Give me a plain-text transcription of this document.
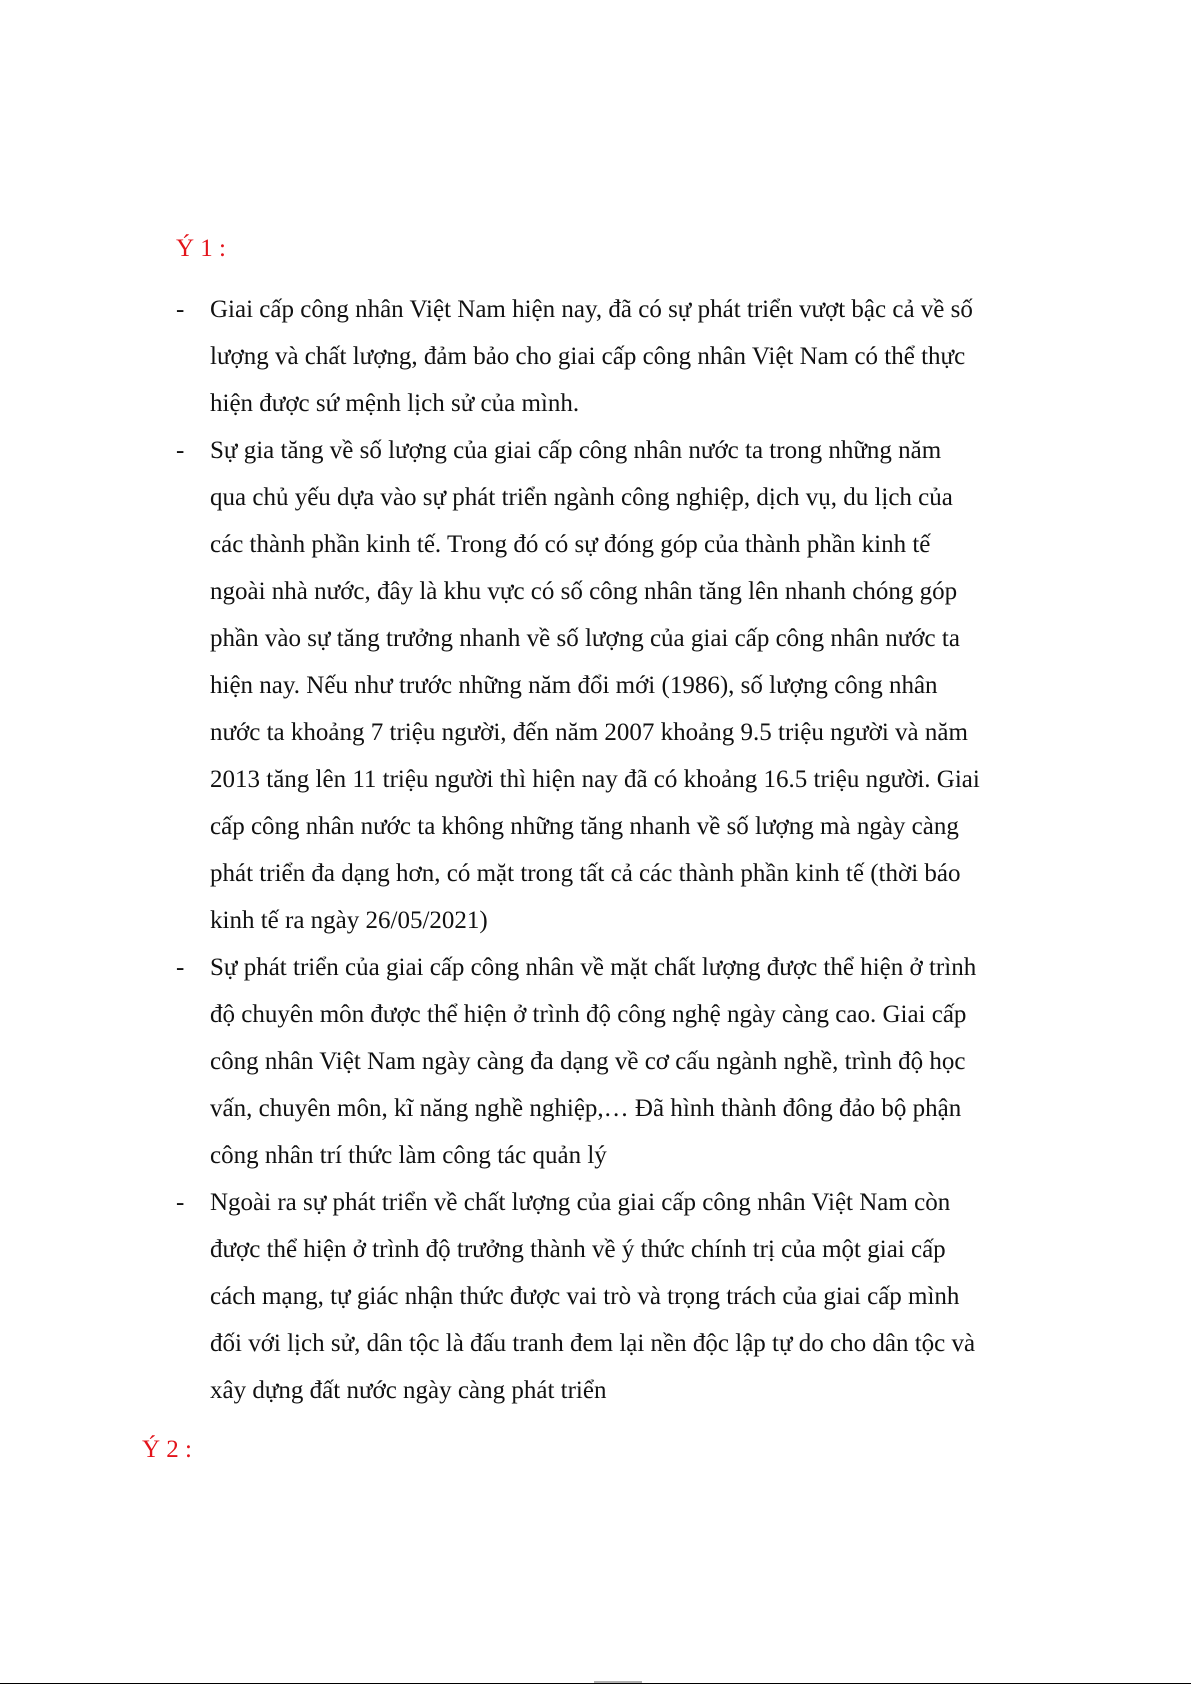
Ý 1 :
- Giai cấp công nhân Việt Nam hiện nay, đã có sự phát triển vượt bậc cả về số
lượng và chất lượng, đảm bảo cho giai cấp công nhân Việt Nam có thể thực
hiện được sứ mệnh lịch sử của mình.

- Sự gia tăng về số lượng của giai cấp công nhân nước ta trong những năm
qua chủ yếu dựa vào sự phát triển ngành công nghiệp, dịch vụ, du lịch của
các thành phần kinh tế. Trong đó có sự đóng góp của thành phần kinh tế
ngoài nhà nước, đây là khu vực có số công nhân tăng lên nhanh chóng góp
phần vào sự tăng trưởng nhanh về số lượng của giai cấp công nhân nước ta
hiện nay. Nếu như trước những năm đổi mới (1986), số lượng công nhân
nước ta khoảng 7 triệu người, đến năm 2007 khoảng 9.5 triệu người và năm
2013 tăng lên 11 triệu người thì hiện nay đã có khoảng 16.5 triệu người. Giai
cấp công nhân nước ta không những tăng nhanh về số lượng mà ngày càng
phát triển đa dạng hơn, có mặt trong tất cả các thành phần kinh tế (thời báo
kinh tế ra ngày 26/05/2021)

- Sự phát triển của giai cấp công nhân về mặt chất lượng được thể hiện ở trình
độ chuyên môn được thể hiện ở trình độ công nghệ ngày càng cao. Giai cấp
công nhân Việt Nam ngày càng đa dạng về cơ cấu ngành nghề, trình độ học
vấn, chuyên môn, kĩ năng nghề nghiệp,… Đã hình thành đông đảo bộ phận
công nhân trí thức làm công tác quản lý

- Ngoài ra sự phát triển về chất lượng của giai cấp công nhân Việt Nam còn
được thể hiện ở trình độ trưởng thành về ý thức chính trị của một giai cấp
cách mạng, tự giác nhận thức được vai trò và trọng trách của giai cấp mình
đối với lịch sử, dân tộc là đấu tranh đem lại nền độc lập tự do cho dân tộc và
xây dựng đất nước ngày càng phát triển

Ý 2 :
